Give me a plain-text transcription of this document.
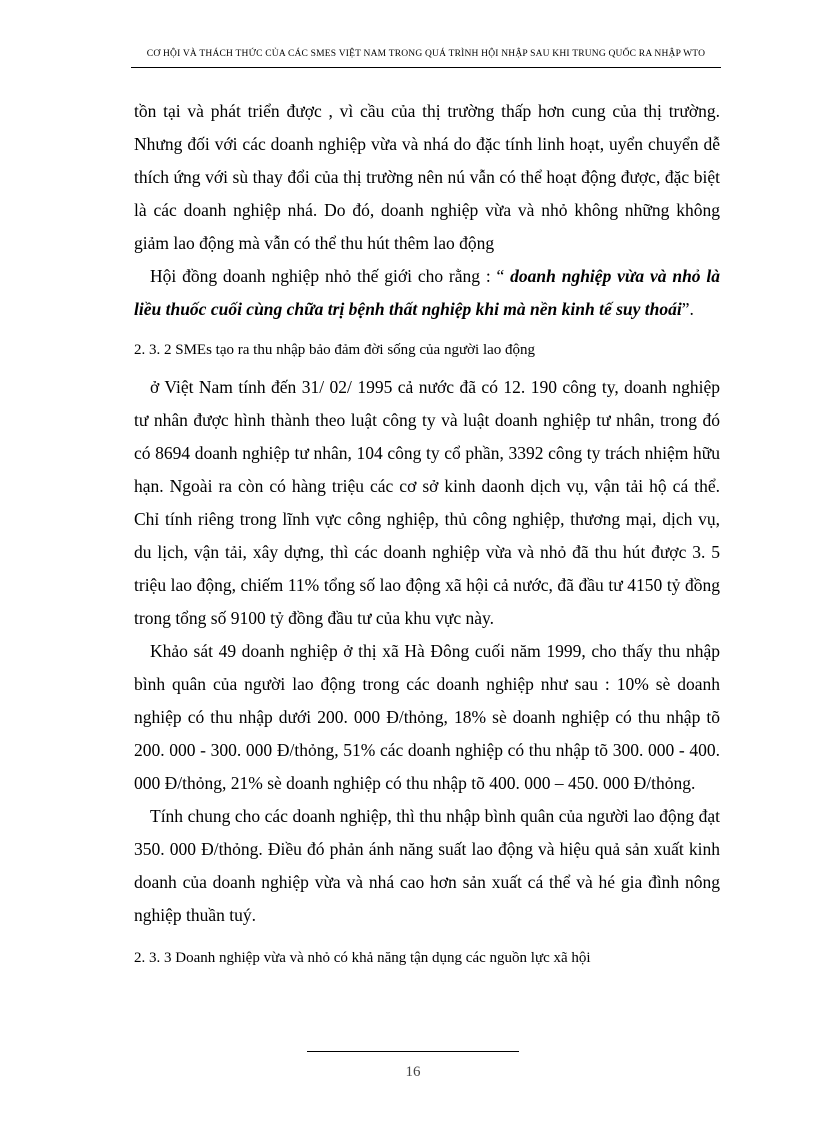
CƠ HỘI VÀ THÁCH THỨC CỦA CÁC SMES VIỆT NAM TRONG QUÁ TRÌNH HỘI NHẬP SAU KHI TRUNG QUỐC RA NHẬP WTO

tồn tại và phát triển được , vì cầu của thị trường thấp hơn cung của thị trường. Nhưng đối với các doanh nghiệp vừa và nhá do đặc tính linh hoạt, uyển chuyển dễ thích ứng với sù thay đổi của thị trường nên nú vẫn có thể hoạt động được, đặc biệt là các doanh nghiệp nhá. Do đó, doanh nghiệp vừa và nhỏ không những không giảm lao động mà vẫn có thể thu hút thêm lao động

Hội đồng doanh nghiệp nhỏ thế giới cho rằng : “ doanh nghiệp vừa và nhỏ là liều thuốc cuối cùng chữa trị bệnh thất nghiệp khi mà nền kinh tế suy thoái”.

2. 3. 2 SMEs tạo ra thu nhập bảo đảm đời sống của người lao động

ở Việt Nam tính đến 31/ 02/ 1995 cả nước đã có 12. 190 công ty, doanh nghiệp tư nhân được hình thành theo luật công ty và luật doanh nghiệp tư nhân, trong đó có 8694 doanh nghiệp tư nhân, 104 công ty cổ phần, 3392 công ty trách nhiệm hữu hạn. Ngoài ra còn có hàng triệu các cơ sở kinh daonh dịch vụ, vận tải hộ cá thể. Chỉ tính riêng trong lĩnh vực công nghiệp, thủ công nghiệp, thương mại, dịch vụ, du lịch, vận tải, xây dựng, thì các doanh nghiệp vừa và nhỏ đã thu hút được 3. 5 triệu lao động, chiếm 11% tổng số lao động xã hội cả nước, đã đầu tư 4150 tỷ đồng trong tổng số 9100 tỷ đồng đầu tư của khu vực này.

Khảo sát 49 doanh nghiệp ở thị xã Hà Đông cuối năm 1999, cho thấy thu nhập bình quân của người lao động trong các doanh nghiệp như sau : 10% sè doanh nghiệp có thu nhập dưới 200. 000 Đ/thỏng, 18% sè doanh nghiệp có thu nhập tõ 200. 000 - 300. 000 Đ/thỏng, 51% các doanh nghiệp có thu nhập tõ 300. 000 - 400. 000 Đ/thỏng, 21% sè doanh nghiệp có thu nhập tõ 400. 000 – 450. 000 Đ/thỏng.

Tính chung cho các doanh nghiệp, thì thu nhập bình quân của người lao động đạt 350. 000 Đ/thỏng. Điều đó phản ánh năng suất lao động và hiệu quả sản xuất kinh doanh của doanh nghiệp vừa và nhá cao hơn sản xuất cá thể và hé gia đình nông nghiệp thuần tuý.

2. 3. 3 Doanh nghiệp vừa và nhỏ có khả năng tận dụng các nguồn lực xã hội

16
